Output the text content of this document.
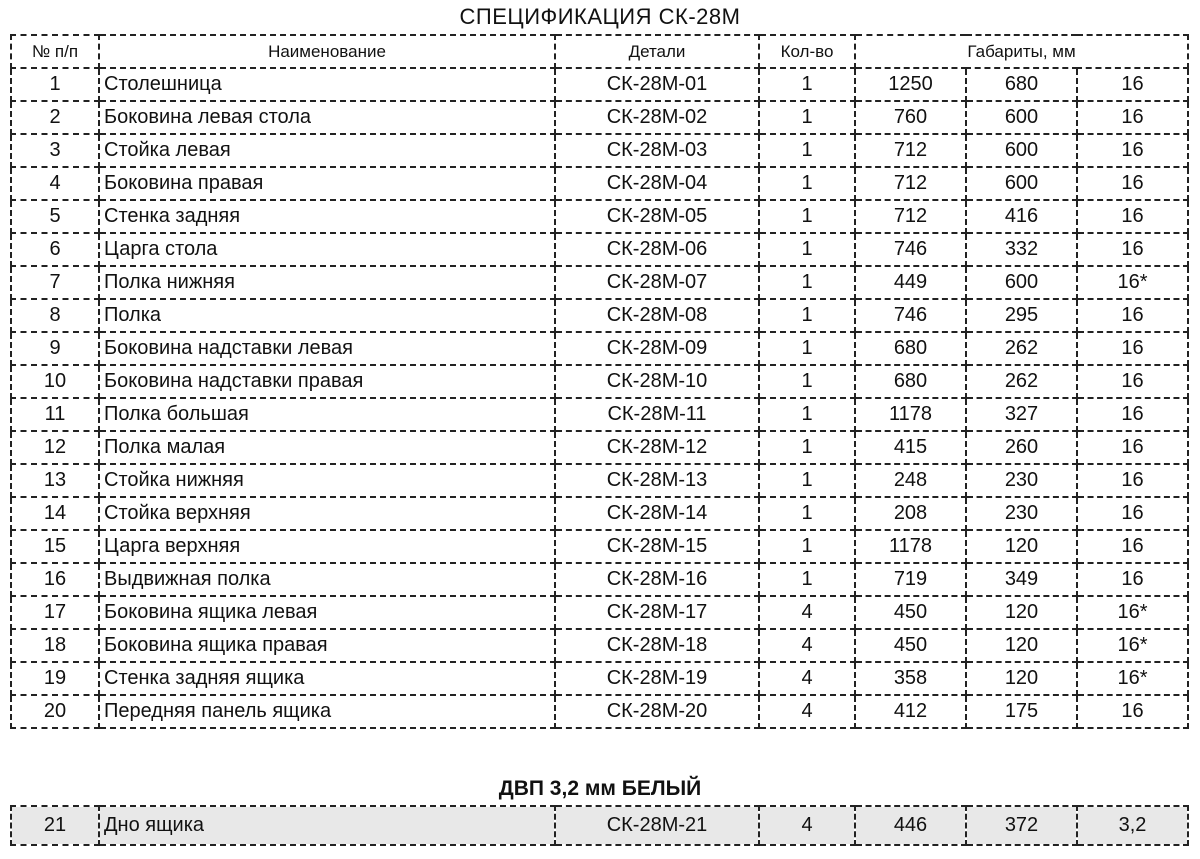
СПЕЦИФИКАЦИЯ СК-28М
№ п/п	Наименование	Детали	Кол-во	Габариты, мм		
1	Столешница	СК-28М-01	1	1250	680	16
2	Боковина левая стола	СК-28М-02	1	760	600	16
3	Стойка левая	СК-28М-03	1	712	600	16
4	Боковина правая	СК-28М-04	1	712	600	16
5	Стенка задняя	СК-28М-05	1	712	416	16
6	Царга стола	СК-28М-06	1	746	332	16
7	Полка нижняя	СК-28М-07	1	449	600	16*
8	Полка	СК-28М-08	1	746	295	16
9	Боковина надставки левая	СК-28М-09	1	680	262	16
10	Боковина надставки правая	СК-28М-10	1	680	262	16
11	Полка большая	СК-28М-11	1	1178	327	16
12	Полка малая	СК-28М-12	1	415	260	16
13	Стойка нижняя	СК-28М-13	1	248	230	16
14	Стойка верхняя	СК-28М-14	1	208	230	16
15	Царга верхняя	СК-28М-15	1	1178	120	16
16	Выдвижная полка	СК-28М-16	1	719	349	16
17	Боковина ящика левая	СК-28М-17	4	450	120	16*
18	Боковина ящика правая	СК-28М-18	4	450	120	16*
19	Стенка задняя ящика	СК-28М-19	4	358	120	16*
20	Передняя панель ящика	СК-28М-20	4	412	175	16
ДВП 3,2 мм БЕЛЫЙ
21	Дно ящика	СК-28М-21	4	446	372	3,2
